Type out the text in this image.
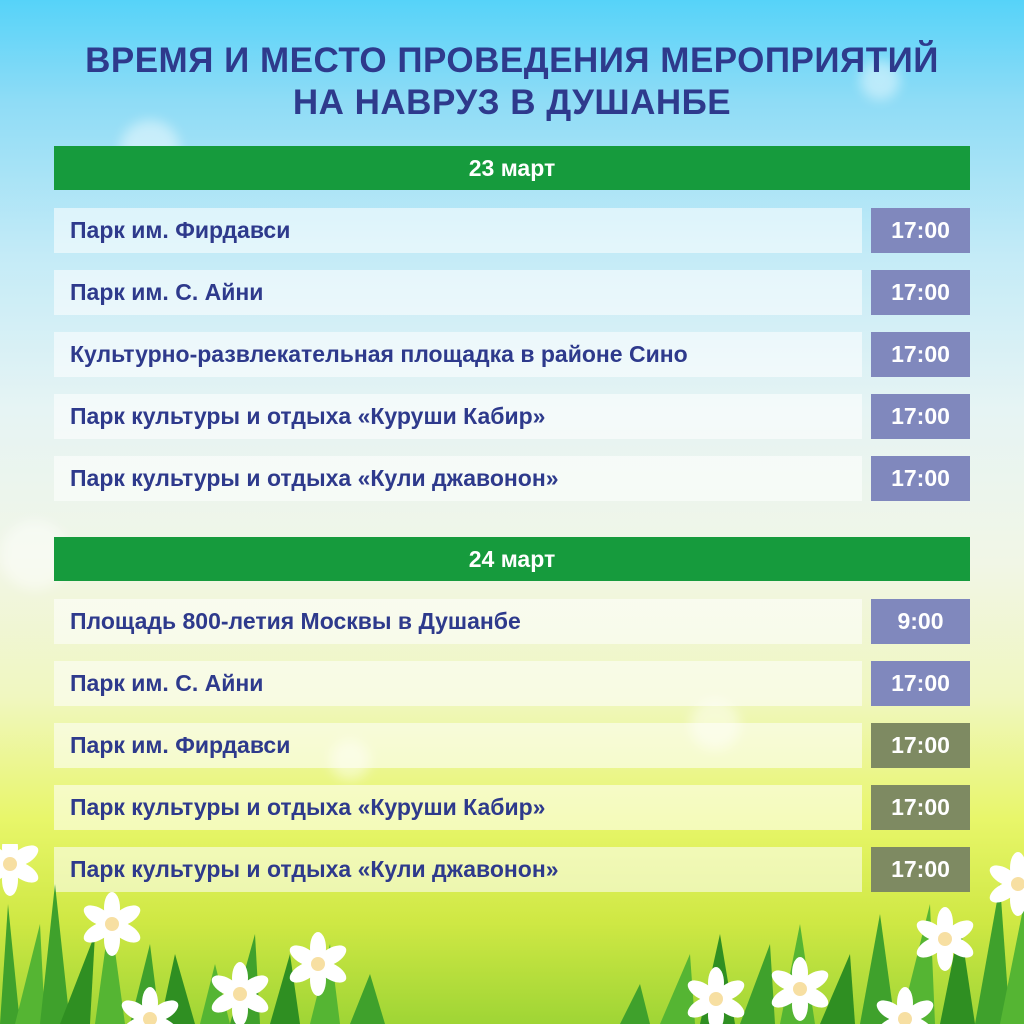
ВРЕМЯ И МЕСТО ПРОВЕДЕНИЯ МЕРОПРИЯТИЙ
НА НАВРУЗ В ДУШАНБЕ
23 март
Парк им. Фирдавси	17:00
Парк им. С. Айни	17:00
Культурно-развлекательная площадка в районе Сино	17:00
Парк культуры и отдыха «Куруши Кабир»	17:00
Парк культуры и отдыха «Кули джавонон»	17:00
24 март
Площадь 800-летия Москвы в Душанбе	9:00
Парк им. С. Айни	17:00
Парк им. Фирдавси	17:00
Парк культуры и отдыха «Куруши Кабир»	17:00
Парк культуры и отдыха «Кули джавонон»	17:00
